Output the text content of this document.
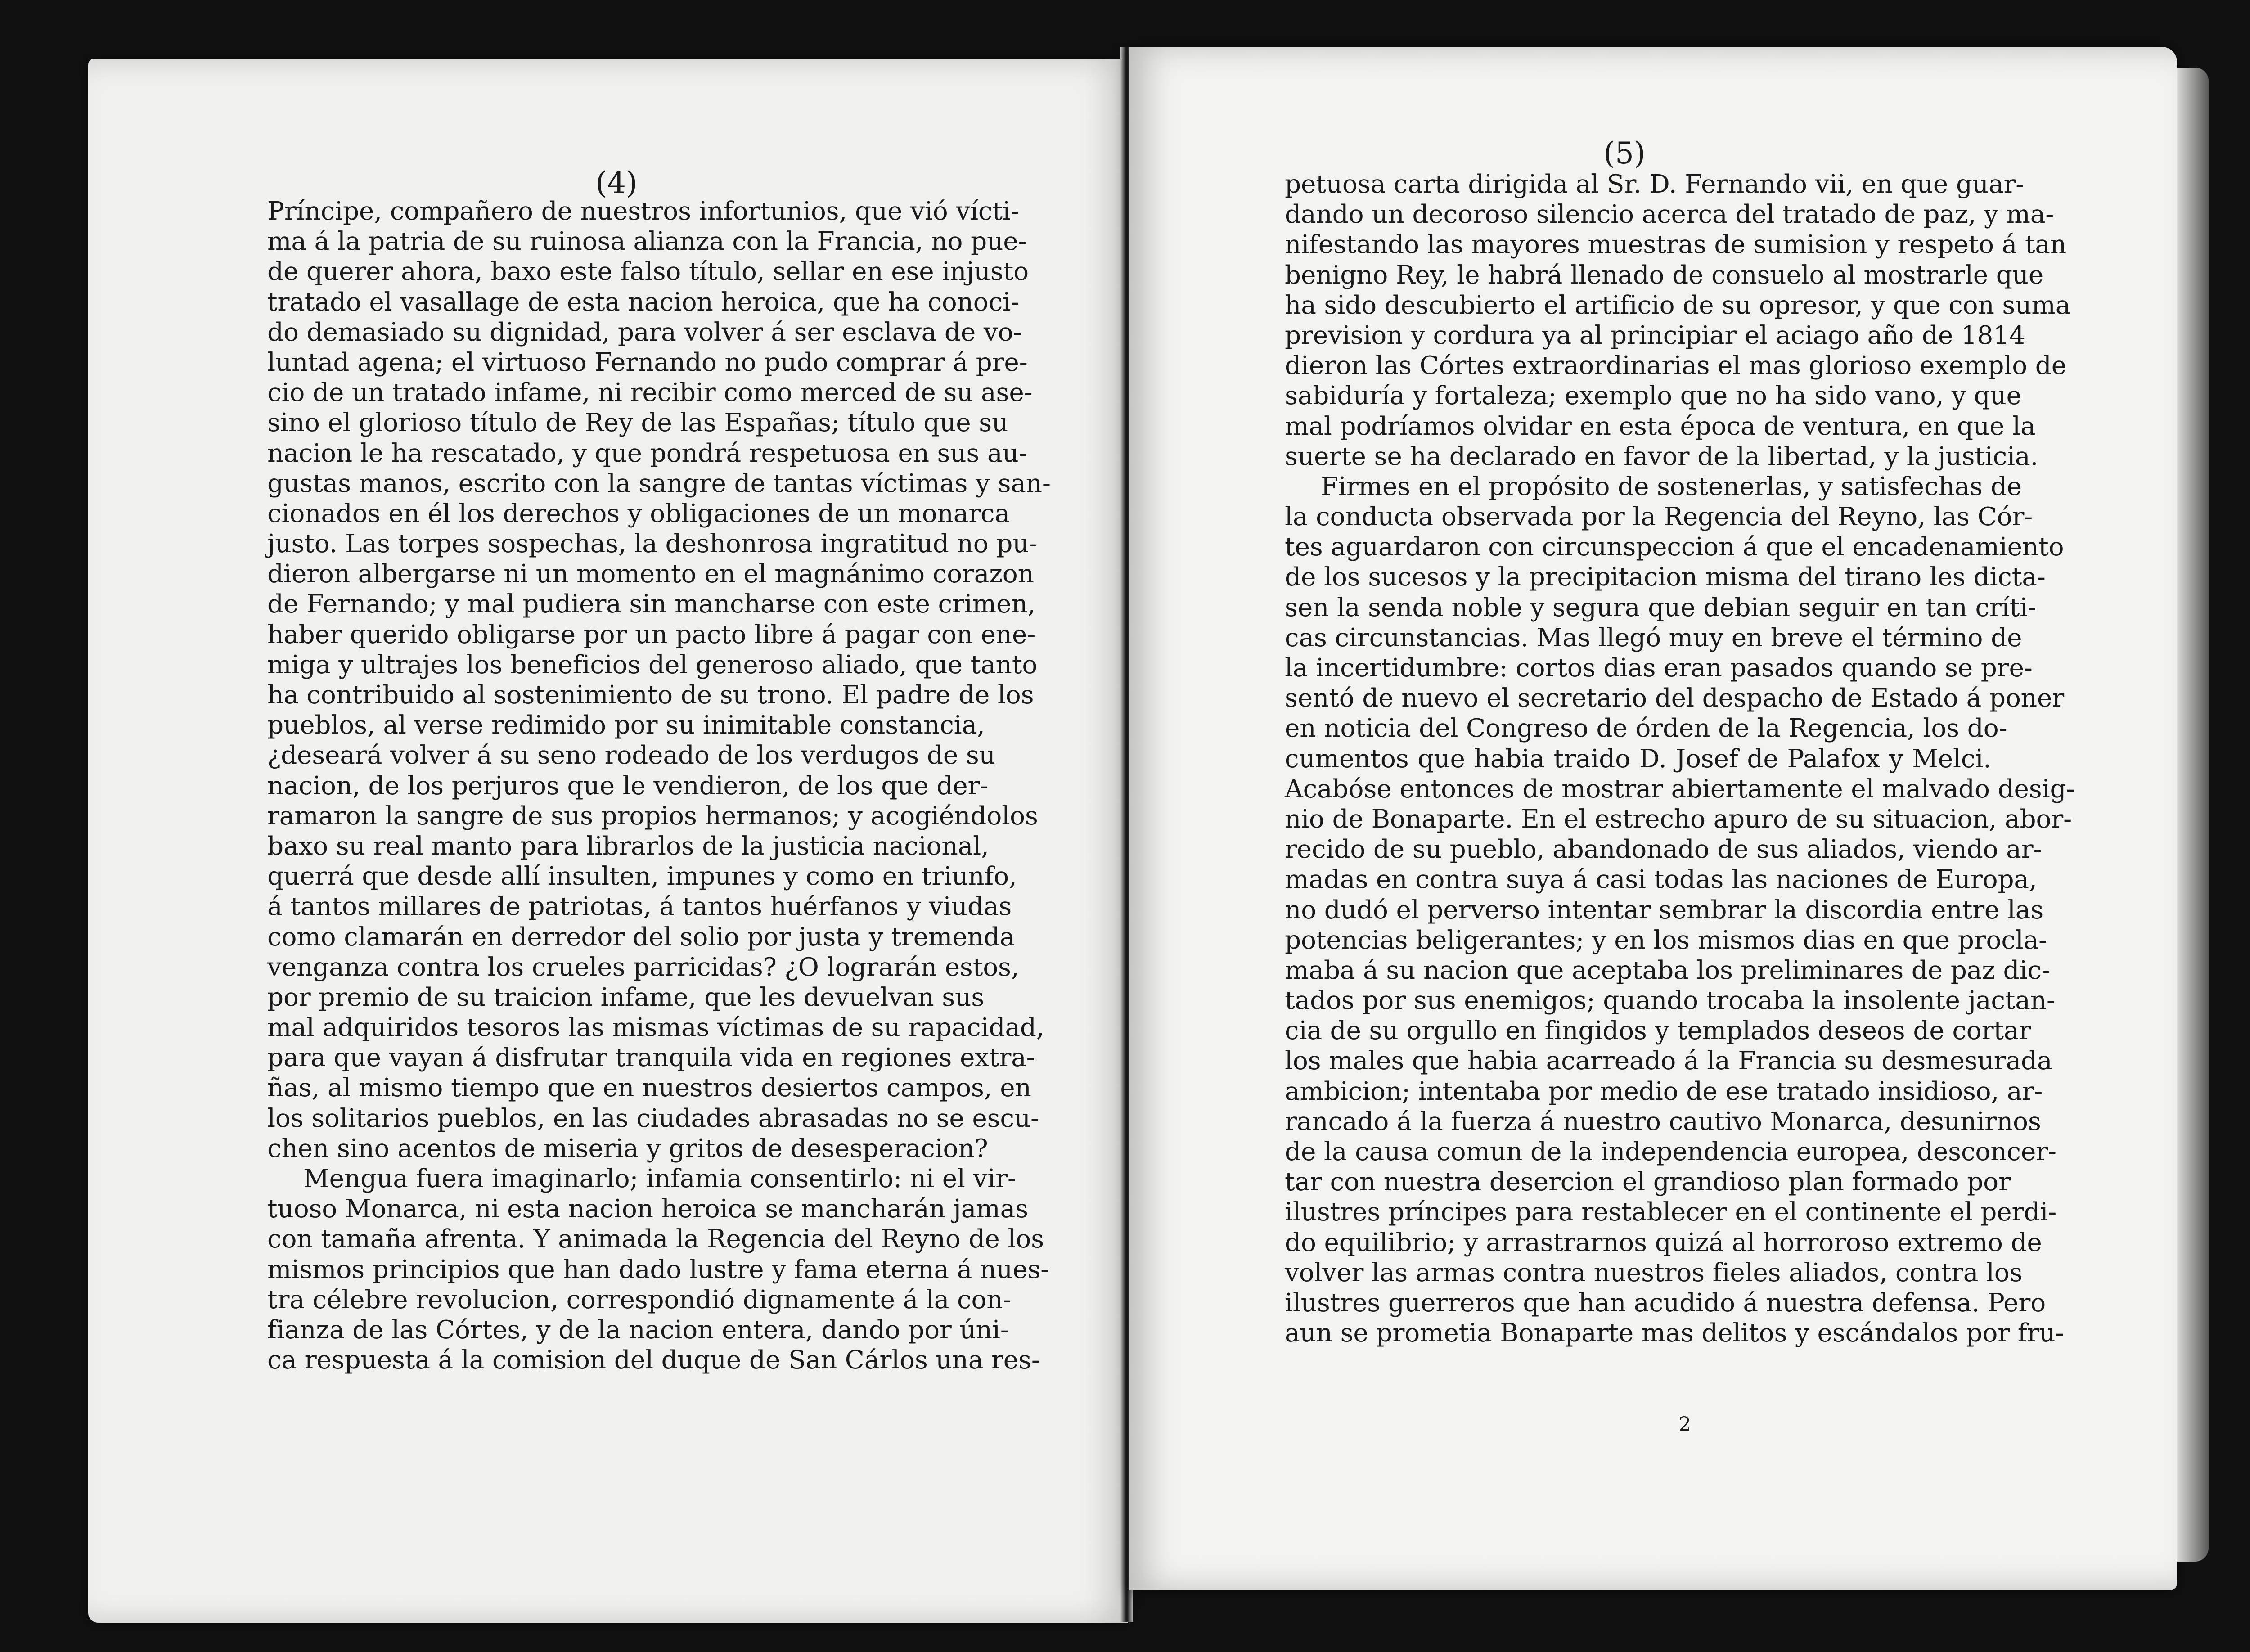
(4)
(5)
Príncipe, compañero de nuestros infortunios, que vió vícti-
ma á la patria de su ruinosa alianza con la Francia, no pue-
de querer ahora, baxo este falso título, sellar en ese injusto
tratado el vasallage de esta nacion heroica, que ha conoci-
do demasiado su dignidad, para volver á ser esclava de vo-
luntad agena; el virtuoso Fernando no pudo comprar á pre-
cio de un tratado infame, ni recibir como merced de su ase-
sino el glorioso título de Rey de las Españas; título que su
nacion le ha rescatado, y que pondrá respetuosa en sus au-
gustas manos, escrito con la sangre de tantas víctimas y san-
cionados en él los derechos y obligaciones de un monarca
justo. Las torpes sospechas, la deshonrosa ingratitud no pu-
dieron albergarse ni un momento en el magnánimo corazon
de Fernando; y mal pudiera sin mancharse con este crimen,
haber querido obligarse por un pacto libre á pagar con ene-
miga y ultrajes los beneficios del generoso aliado, que tanto
ha contribuido al sostenimiento de su trono. El padre de los
pueblos, al verse redimido por su inimitable constancia,
¿deseará volver á su seno rodeado de los verdugos de su
nacion, de los perjuros que le vendieron, de los que der-
ramaron la sangre de sus propios hermanos; y acogiéndolos
baxo su real manto para librarlos de la justicia nacional,
querrá que desde allí insulten, impunes y como en triunfo,
á tantos millares de patriotas, á tantos huérfanos y viudas
como clamarán en derredor del solio por justa y tremenda
venganza contra los crueles parricidas? ¿O lograrán estos,
por premio de su traicion infame, que les devuelvan sus
mal adquiridos tesoros las mismas víctimas de su rapacidad,
para que vayan á disfrutar tranquila vida en regiones extra-
ñas, al mismo tiempo que en nuestros desiertos campos, en
los solitarios pueblos, en las ciudades abrasadas no se escu-
chen sino acentos de miseria y gritos de desesperacion?
Mengua fuera imaginarlo; infamia consentirlo: ni el vir-
tuoso Monarca, ni esta nacion heroica se mancharán jamas
con tamaña afrenta. Y animada la Regencia del Reyno de los
mismos principios que han dado lustre y fama eterna á nues-
tra célebre revolucion, correspondió dignamente á la con-
fianza de las Córtes, y de la nacion entera, dando por úni-
ca respuesta á la comision del duque de San Cárlos una res-
petuosa carta dirigida al Sr. D. Fernando vii, en que guar-
dando un decoroso silencio acerca del tratado de paz, y ma-
nifestando las mayores muestras de sumision y respeto á tan
benigno Rey, le habrá llenado de consuelo al mostrarle que
ha sido descubierto el artificio de su opresor, y que con suma
prevision y cordura ya al principiar el aciago año de 1814
dieron las Córtes extraordinarias el mas glorioso exemplo de
sabiduría y fortaleza; exemplo que no ha sido vano, y que
mal podríamos olvidar en esta época de ventura, en que la
suerte se ha declarado en favor de la libertad, y la justicia.
Firmes en el propósito de sostenerlas, y satisfechas de
la conducta observada por la Regencia del Reyno, las Cór-
tes aguardaron con circunspeccion á que el encadenamiento
de los sucesos y la precipitacion misma del tirano les dicta-
sen la senda noble y segura que debian seguir en tan críti-
cas circunstancias. Mas llegó muy en breve el término de
la incertidumbre: cortos dias eran pasados quando se pre-
sentó de nuevo el secretario del despacho de Estado á poner
en noticia del Congreso de órden de la Regencia, los do-
cumentos que habia traido D. Josef de Palafox y Melci.
Acabóse entonces de mostrar abiertamente el malvado desig-
nio de Bonaparte. En el estrecho apuro de su situacion, abor-
recido de su pueblo, abandonado de sus aliados, viendo ar-
madas en contra suya á casi todas las naciones de Europa,
no dudó el perverso intentar sembrar la discordia entre las
potencias beligerantes; y en los mismos dias en que procla-
maba á su nacion que aceptaba los preliminares de paz dic-
tados por sus enemigos; quando trocaba la insolente jactan-
cia de su orgullo en fingidos y templados deseos de cortar
los males que habia acarreado á la Francia su desmesurada
ambicion; intentaba por medio de ese tratado insidioso, ar-
rancado á la fuerza á nuestro cautivo Monarca, desunirnos
de la causa comun de la independencia europea, desconcer-
tar con nuestra desercion el grandioso plan formado por
ilustres príncipes para restablecer en el continente el perdi-
do equilibrio; y arrastrarnos quizá al horroroso extremo de
volver las armas contra nuestros fieles aliados, contra los
ilustres guerreros que han acudido á nuestra defensa. Pero
aun se prometia Bonaparte mas delitos y escándalos por fru-
2
